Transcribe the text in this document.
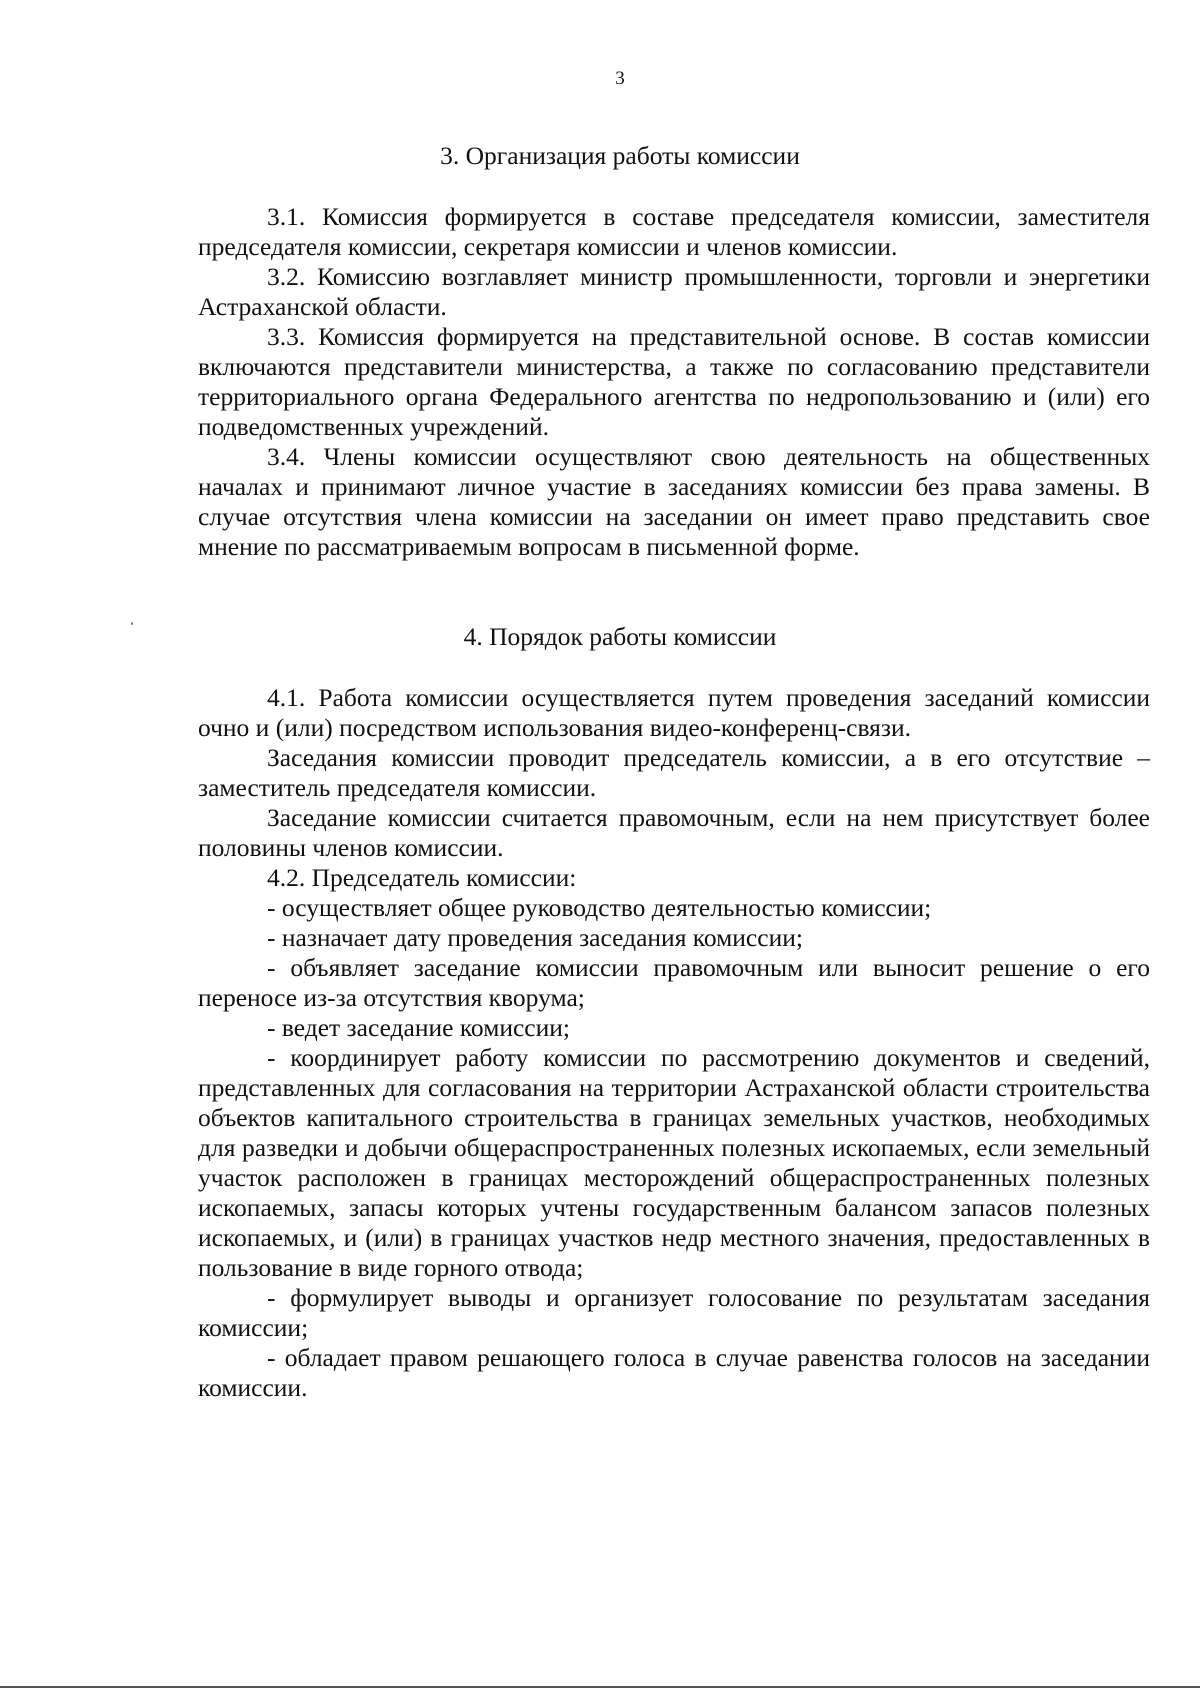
3
3. Организация работы комиссии

3.1. Комиссия формируется в составе председателя комиссии, заместителя председателя комиссии, секретаря комиссии и членов комиссии.

3.2. Комиссию возглавляет министр промышленности, торговли и энергетики Астраханской области.

3.3. Комиссия формируется на представительной основе. В состав комиссии включаются представители министерства, а также по согласованию представители территориального органа Федерального агентства по недропользованию и (или) его подведомственных учреждений.

3.4. Члены комиссии осуществляют свою деятельность на общественных началах и принимают личное участие в заседаниях комиссии без права замены. В случае отсутствия члена комиссии на заседании он имеет право представить свое мнение по рассматриваемым вопросам в письменной форме.

4. Порядок работы комиссии

4.1. Работа комиссии осуществляется путем проведения заседаний комиссии очно и (или) посредством использования видео-конференц-связи.

Заседания комиссии проводит председатель комиссии, а в его отсутствие – заместитель председателя комиссии.

Заседание комиссии считается правомочным, если на нем присутствует более половины членов комиссии.

4.2. Председатель комиссии:

- осуществляет общее руководство деятельностью комиссии;

- назначает дату проведения заседания комиссии;

- объявляет заседание комиссии правомочным или выносит решение о его переносе из-за отсутствия кворума;

- ведет заседание комиссии;

- координирует работу комиссии по рассмотрению документов и сведений, представленных для согласования на территории Астраханской области строительства объектов капитального строительства в границах земельных участков, необходимых для разведки и добычи общераспространенных полезных ископаемых, если земельный участок расположен в границах месторождений общераспространенных полезных ископаемых, запасы которых учтены государственным балансом запасов полезных ископаемых, и (или) в границах участков недр местного значения, предоставленных в пользование в виде горного отвода;

- формулирует выводы и организует голосование по результатам заседания комиссии;

- обладает правом решающего голоса в случае равенства голосов на заседании комиссии.
